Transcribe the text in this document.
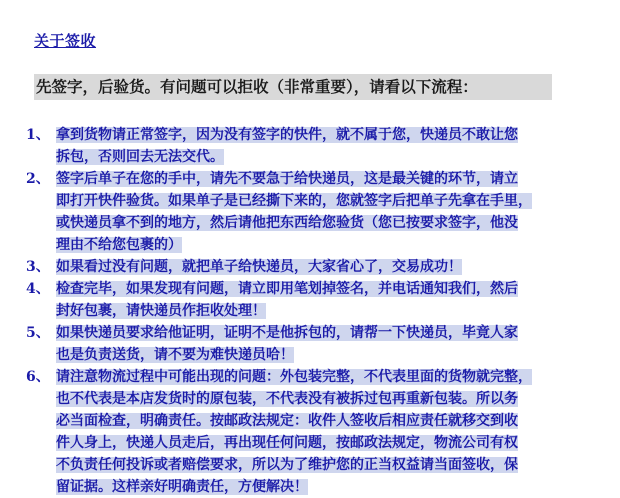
关于签收
先签字，后验货。有问题可以拒收（非常重要），请看以下流程：
1、 拿到货物请正常签字，因为没有签字的快件，就不属于您，快递员不敢让您
拆包，否则回去无法交代。
2、 签字后单子在您的手中，请先不要急于给快递员，这是最关键的环节，请立
即打开快件验货。如果单子是已经撕下来的，您就签字后把单子先拿在手里，
或快递员拿不到的地方，然后请他把东西给您验货（您已按要求签字，他没
理由不给您包裹的）
3、 如果看过没有问题，就把单子给快递员，大家省心了，交易成功！
4、 检查完毕，如果发现有问题，请立即用笔划掉签名，并电话通知我们，然后
封好包裹，请快递员作拒收处理！
5、 如果快递员要求给他证明，证明不是他拆包的，请帮一下快递员，毕竟人家
也是负责送货，请不要为难快递员哈！
6、 请注意物流过程中可能出现的问题：外包装完整，不代表里面的货物就完整，
也不代表是本店发货时的原包装，不代表没有被拆过包再重新包装。所以务
必当面检查，明确责任。按邮政法规定：收件人签收后相应责任就移交到收
件人身上，快递人员走后，再出现任何问题，按邮政法规定，物流公司有权
不负责任何投诉或者赔偿要求，所以为了维护您的正当权益请当面签收，保
留证据。这样亲好明确责任，方便解决！
